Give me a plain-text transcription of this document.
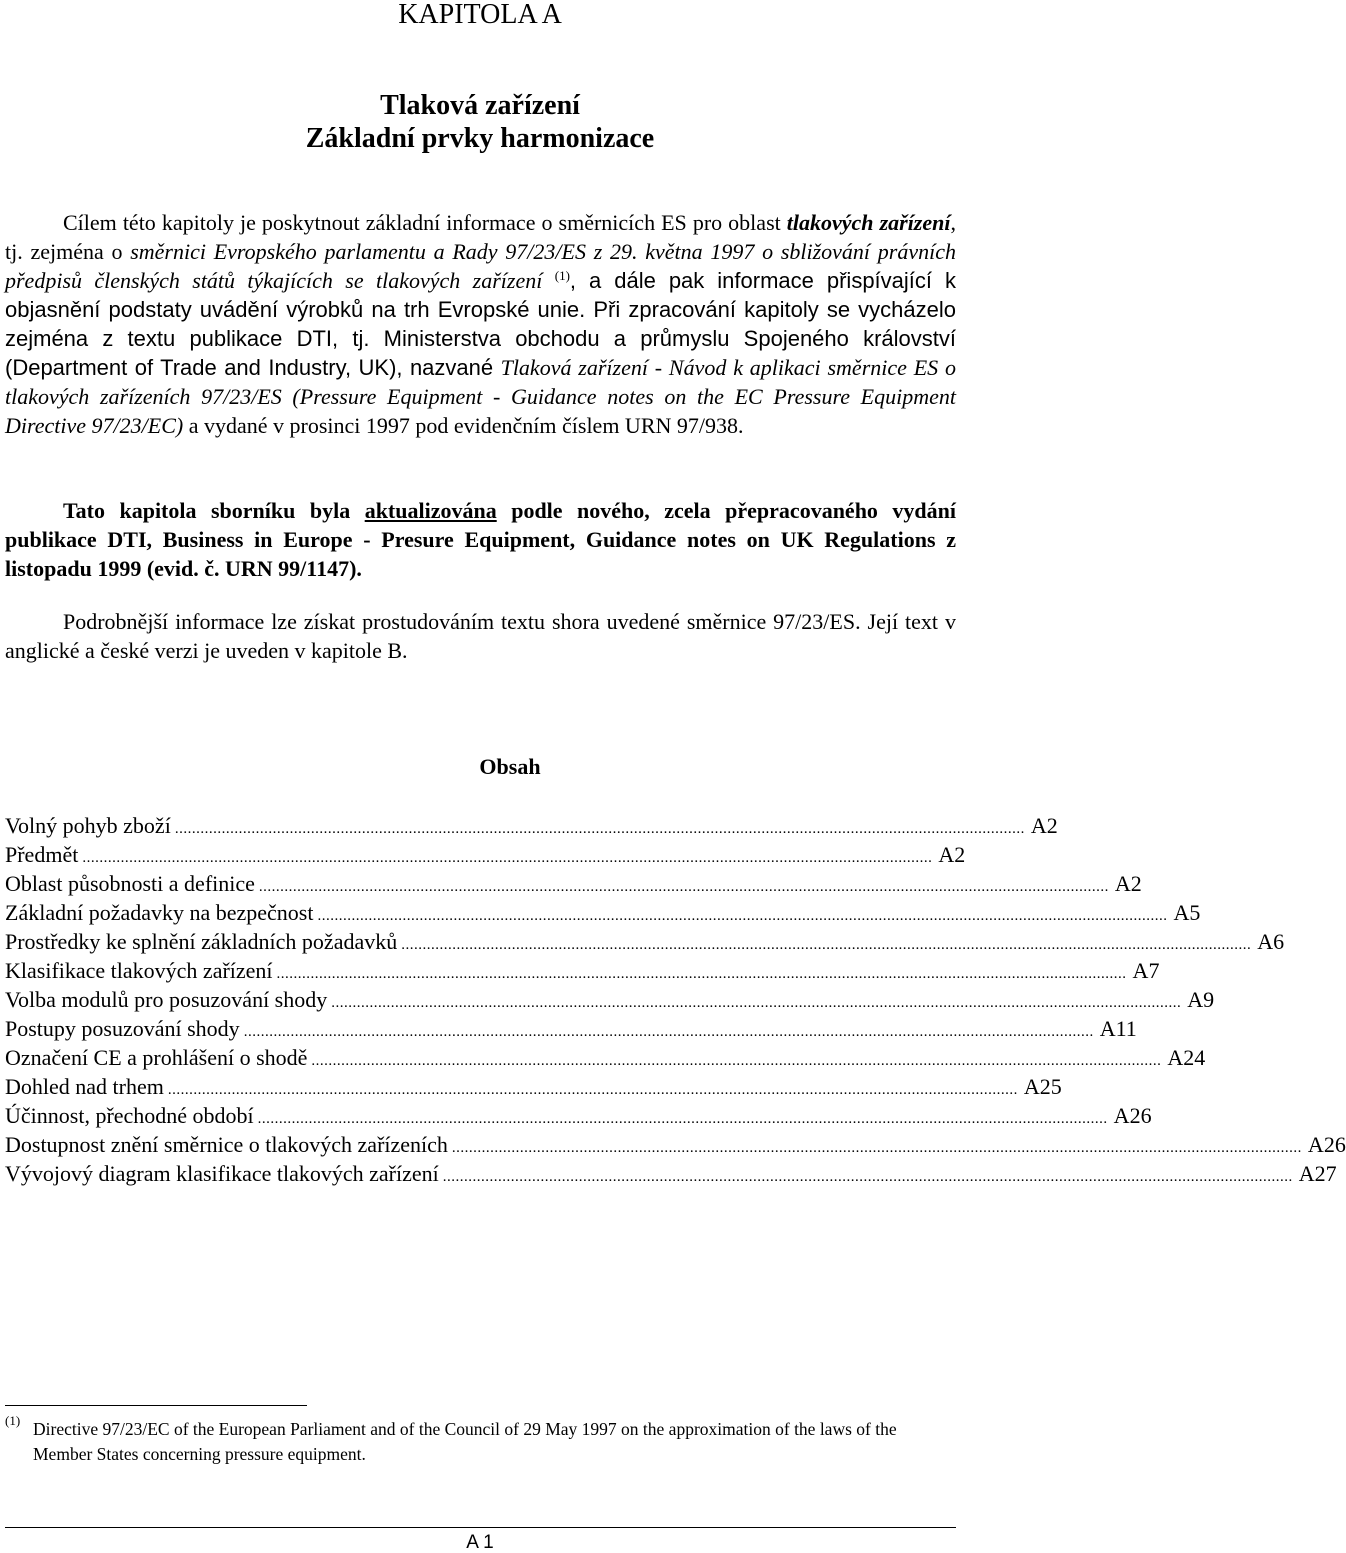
KAPITOLA A
Tlaková zařízení
Základní prvky harmonizace

Cílem této kapitoly je poskytnout základní informace o směrnicích ES pro oblast tlakových zařízení, tj. zejména o směrnici Evropského parlamentu a Rady 97/23/ES z 29. května 1997 o sbližování právních předpisů členských států týkajících se tlakových zařízení $^{(1)}$, a dále pak informace přispívající k objasnění podstaty uvádění výrobků na trh Evropské unie. Při zpracování kapitoly se vycházelo zejména z textu publikace DTI, tj. Ministerstva obchodu a průmyslu Spojeného království (Department of Trade and Industry, UK), nazvané Tlaková zařízení - Návod k aplikaci směrnice ES o tlakových zařízeních 97/23/ES (Pressure Equipment - Guidance notes on the EC Pressure Equipment Directive 97/23/EC) a vydané v prosinci 1997 pod evidenčním číslem URN 97/938.

Tato kapitola sborníku byla aktualizována podle nového, zcela přepracovaného vydání publikace DTI, Business in Europe - Presure Equipment, Guidance notes on UK Regulations z listopadu 1999 (evid. č. URN 99/1147).

Podrobnější informace lze získat prostudováním textu shora uvedené směrnice 97/23/ES. Její text v anglické a české verzi je uveden v kapitole B.

Obsah
Volný pohyb zboží ........................................................................................................................................................................................................ A 2
Předmět ........................................................................................................................................................................................................ A 2
Oblast působnosti a definice ........................................................................................................................................................................................................ A 2
Základní požadavky na bezpečnost ........................................................................................................................................................................................................ A 5
Prostředky ke splnění základních požadavků ........................................................................................................................................................................................................ A 6
Klasifikace tlakových zařízení ........................................................................................................................................................................................................ A 7
Volba modulů pro posuzování shody ........................................................................................................................................................................................................ A 9
Postupy posuzování shody ........................................................................................................................................................................................................ A 11
Označení CE a prohlášení o shodě ........................................................................................................................................................................................................ A 24
Dohled nad trhem ........................................................................................................................................................................................................ A 25
Účinnost, přechodné období ........................................................................................................................................................................................................ A 26
Dostupnost znění směrnice o tlakových zařízeních ........................................................................................................................................................................................................ A 26
Vývojový diagram klasifikace tlakových zařízení ........................................................................................................................................................................................................ A 27
(1) Directive 97/23/EC of the European Parliament and of the Council of 29 May 1997 on the approximation of the laws of the Member States concerning pressure equipment.

A 1
